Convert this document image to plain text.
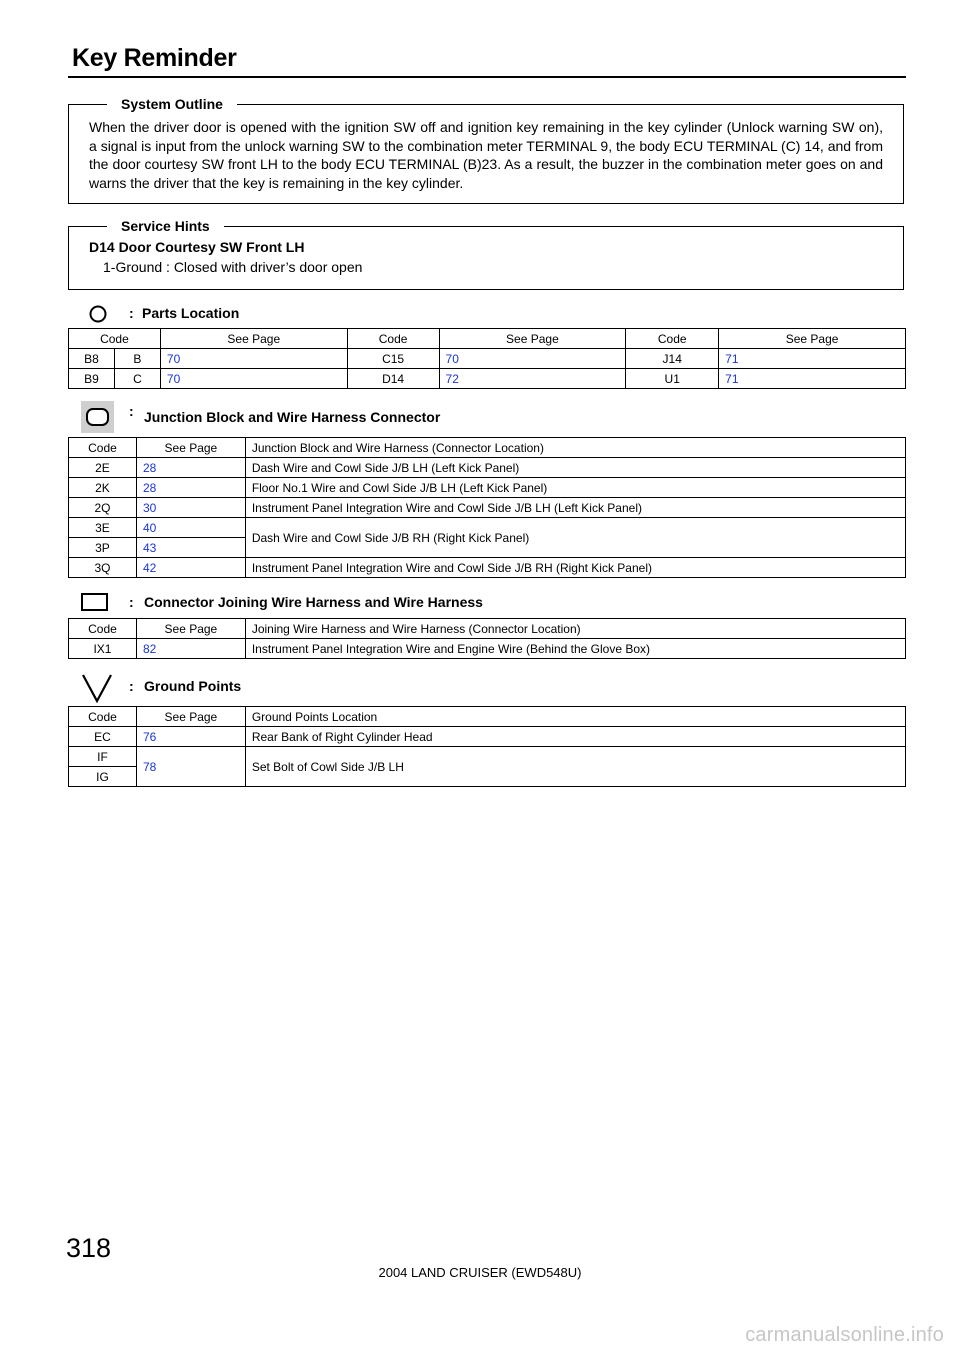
Key Reminder
System Outline
When the driver door is opened with the ignition SW off and ignition key remaining in the key cylinder (Unlock warning SW on), a signal is input from the unlock warning SW to the combination meter TERMINAL 9, the body ECU TERMINAL (C) 14, and from the door courtesy SW front LH to the body ECU TERMINAL (B)23. As a result, the buzzer in the combination meter goes on and warns the driver that the key is remaining in the key cylinder.
Service Hints
D14 Door Courtesy SW Front LH
1-Ground : Closed with driver’s door open
: Parts Location
Code		See Page	Code	See Page	Code	See Page
B8	B	70	C15	70	J14	71
B9	C	70	D14	72	U1	71
: Junction Block and Wire Harness Connector
Code	See Page	Junction Block and Wire Harness (Connector Location)
2E	28	Dash Wire and Cowl Side J/B LH (Left Kick Panel)
2K	28	Floor No.1 Wire and Cowl Side J/B LH (Left Kick Panel)
2Q	30	Instrument Panel Integration Wire and Cowl Side J/B LH (Left Kick Panel)
3E	40	Dash Wire and Cowl Side J/B RH (Right Kick Panel)
3P	43	
3Q	42	Instrument Panel Integration Wire and Cowl Side J/B RH (Right Kick Panel)
: Connector Joining Wire Harness and Wire Harness
Code	See Page	Joining Wire Harness and Wire Harness (Connector Location)
IX1	82	Instrument Panel Integration Wire and Engine Wire (Behind the Glove Box)
: Ground Points
Code	See Page	Ground Points Location
EC	76	Rear Bank of Right Cylinder Head
IF	78	Set Bolt of Cowl Side J/B LH
IG		
318
2004 LAND CRUISER (EWD548U)
carmanualsonline.info
